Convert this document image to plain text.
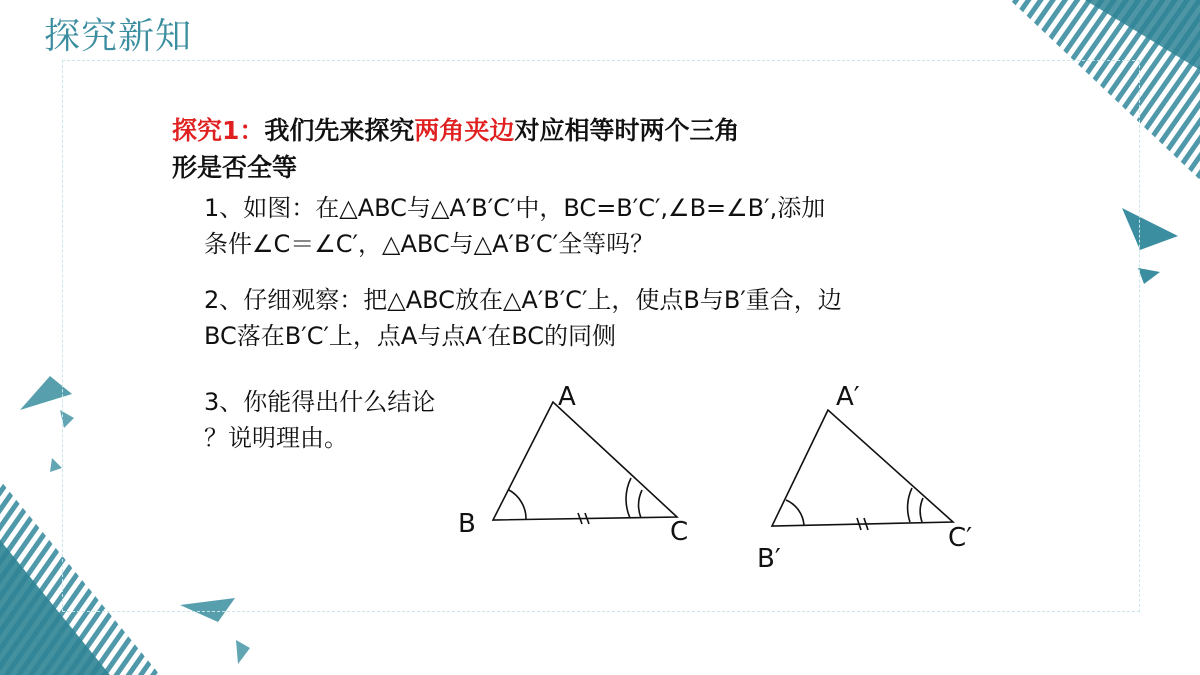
探究新知
探究1：我们先来探究两角夹边对应相等时两个三角
形是否全等
1、如图：在△ABC与△A′B′C′中，BC=B′C′,∠B=∠B′,添加
条件∠C＝∠C′，△ABC与△A′B′C′全等吗？
2、仔细观察：把△ABC放在△A′B′C′上，使点B与B′重合，边
BC落在B′C′上，点A与点A′在BC的同侧
3、你能得出什么结论
？说明理由。
A
B	C
A′
B′
C′
